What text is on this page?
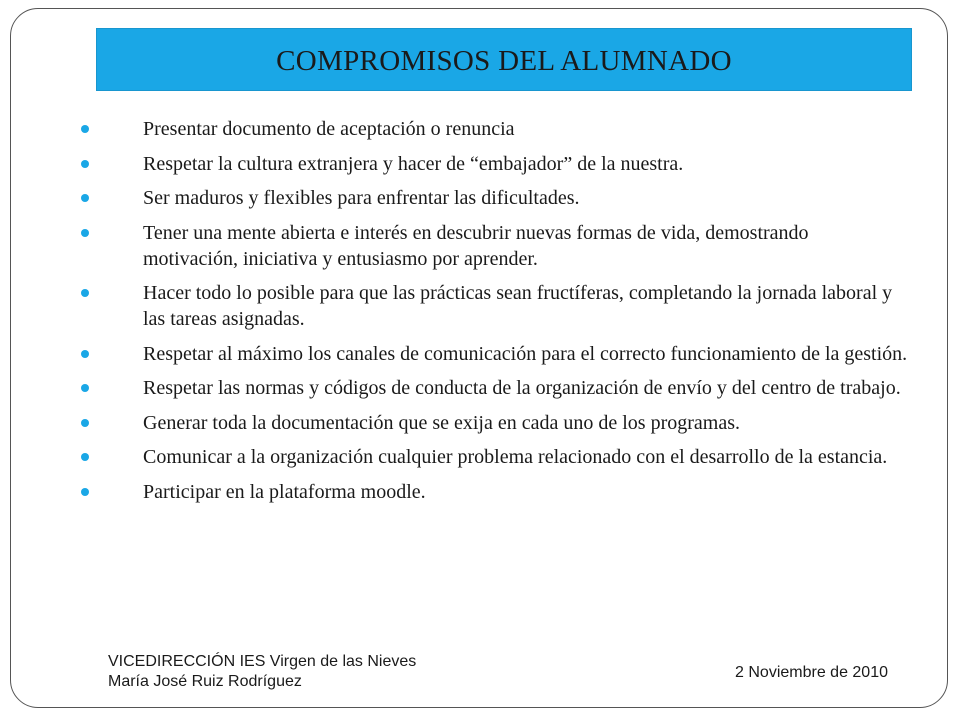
COMPROMISOS DEL ALUMNADO
Presentar documento de aceptación o renuncia
Respetar la cultura extranjera y hacer de “embajador” de la nuestra.
Ser maduros y flexibles para enfrentar las dificultades.
Tener una mente abierta e interés en descubrir nuevas formas de vida, demostrando motivación, iniciativa y entusiasmo por aprender.
Hacer todo lo posible para que las prácticas sean fructíferas, completando la jornada laboral y las tareas asignadas.
Respetar al máximo los canales de comunicación para el correcto funcionamiento de la gestión.
Respetar las normas y códigos de conducta de la organización de envío y del centro de trabajo.
Generar toda la documentación que se exija en cada uno de los programas.
Comunicar a la organización cualquier problema relacionado con el desarrollo de la estancia.
Participar en la plataforma moodle.
VICEDIRECCIÓN IES Virgen de las Nieves
María José Ruiz Rodríguez
2 Noviembre de 2010
